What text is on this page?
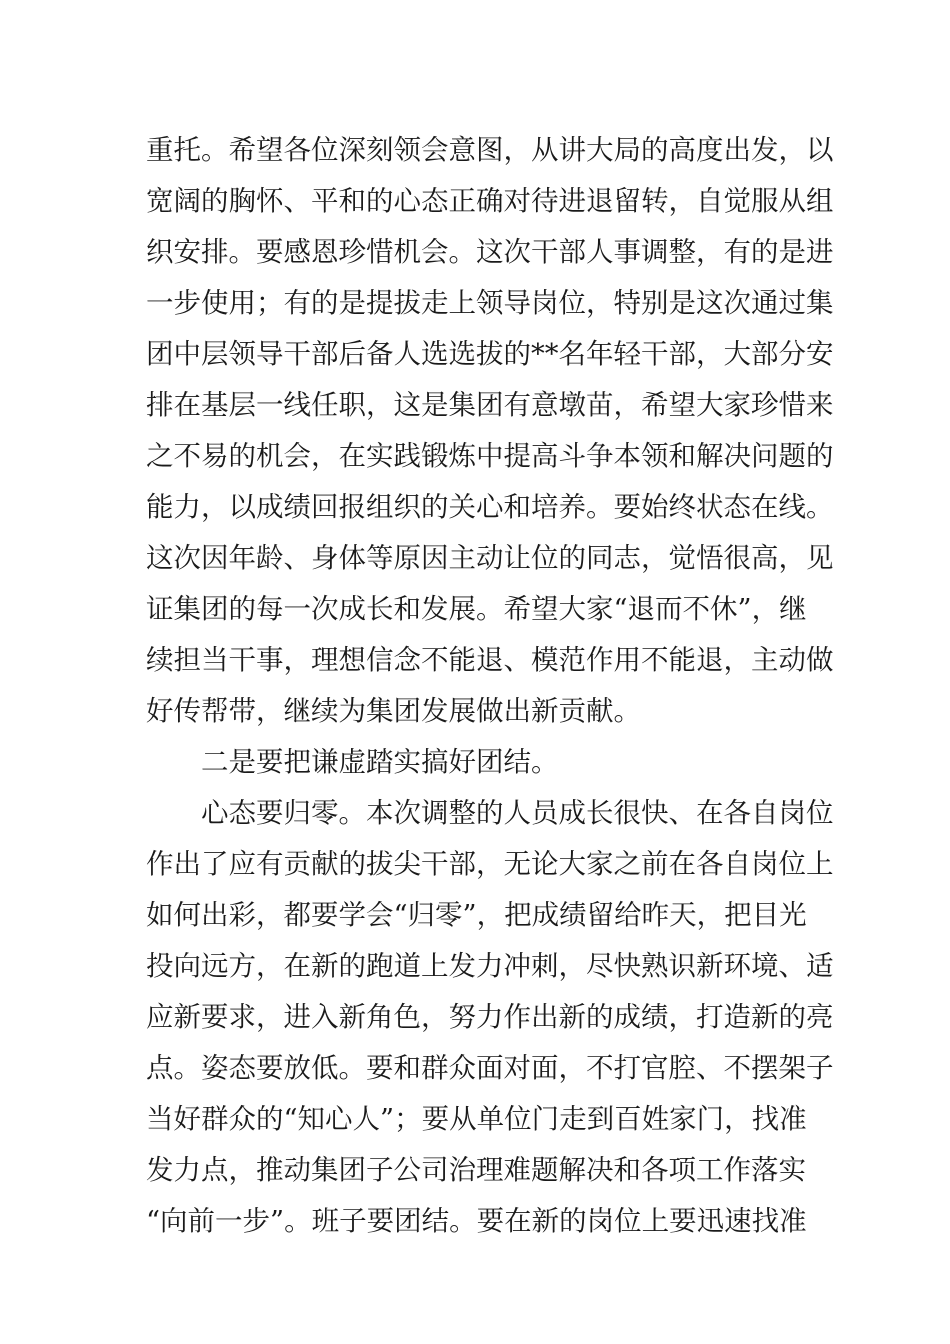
重托。希望各位深刻领会意图，从讲大局的高度出发，以
宽阔的胸怀、平和的心态正确对待进退留转，自觉服从组
织安排。要感恩珍惜机会。这次干部人事调整，有的是进
一步使用；有的是提拔走上领导岗位，特别是这次通过集
团中层领导干部后备人选选拔的**名年轻干部，大部分安
排在基层一线任职，这是集团有意墩苗，希望大家珍惜来
之不易的机会，在实践锻炼中提高斗争本领和解决问题的
能力，以成绩回报组织的关心和培养。要始终状态在线。
这次因年龄、身体等原因主动让位的同志，觉悟很高，见
证集团的每一次成长和发展。希望大家“退而不休”，继
续担当干事，理想信念不能退、模范作用不能退，主动做
好传帮带，继续为集团发展做出新贡献。
二是要把谦虚踏实搞好团结。
心态要归零。本次调整的人员成长很快、在各自岗位
作出了应有贡献的拔尖干部，无论大家之前在各自岗位上
如何出彩，都要学会“归零”，把成绩留给昨天，把目光
投向远方，在新的跑道上发力冲刺，尽快熟识新环境、适
应新要求，进入新角色，努力作出新的成绩，打造新的亮
点。姿态要放低。要和群众面对面，不打官腔、不摆架子
当好群众的“知心人”；要从单位门走到百姓家门，找准
发力点，推动集团子公司治理难题解决和各项工作落实
“向前一步”。班子要团结。要在新的岗位上要迅速找准
